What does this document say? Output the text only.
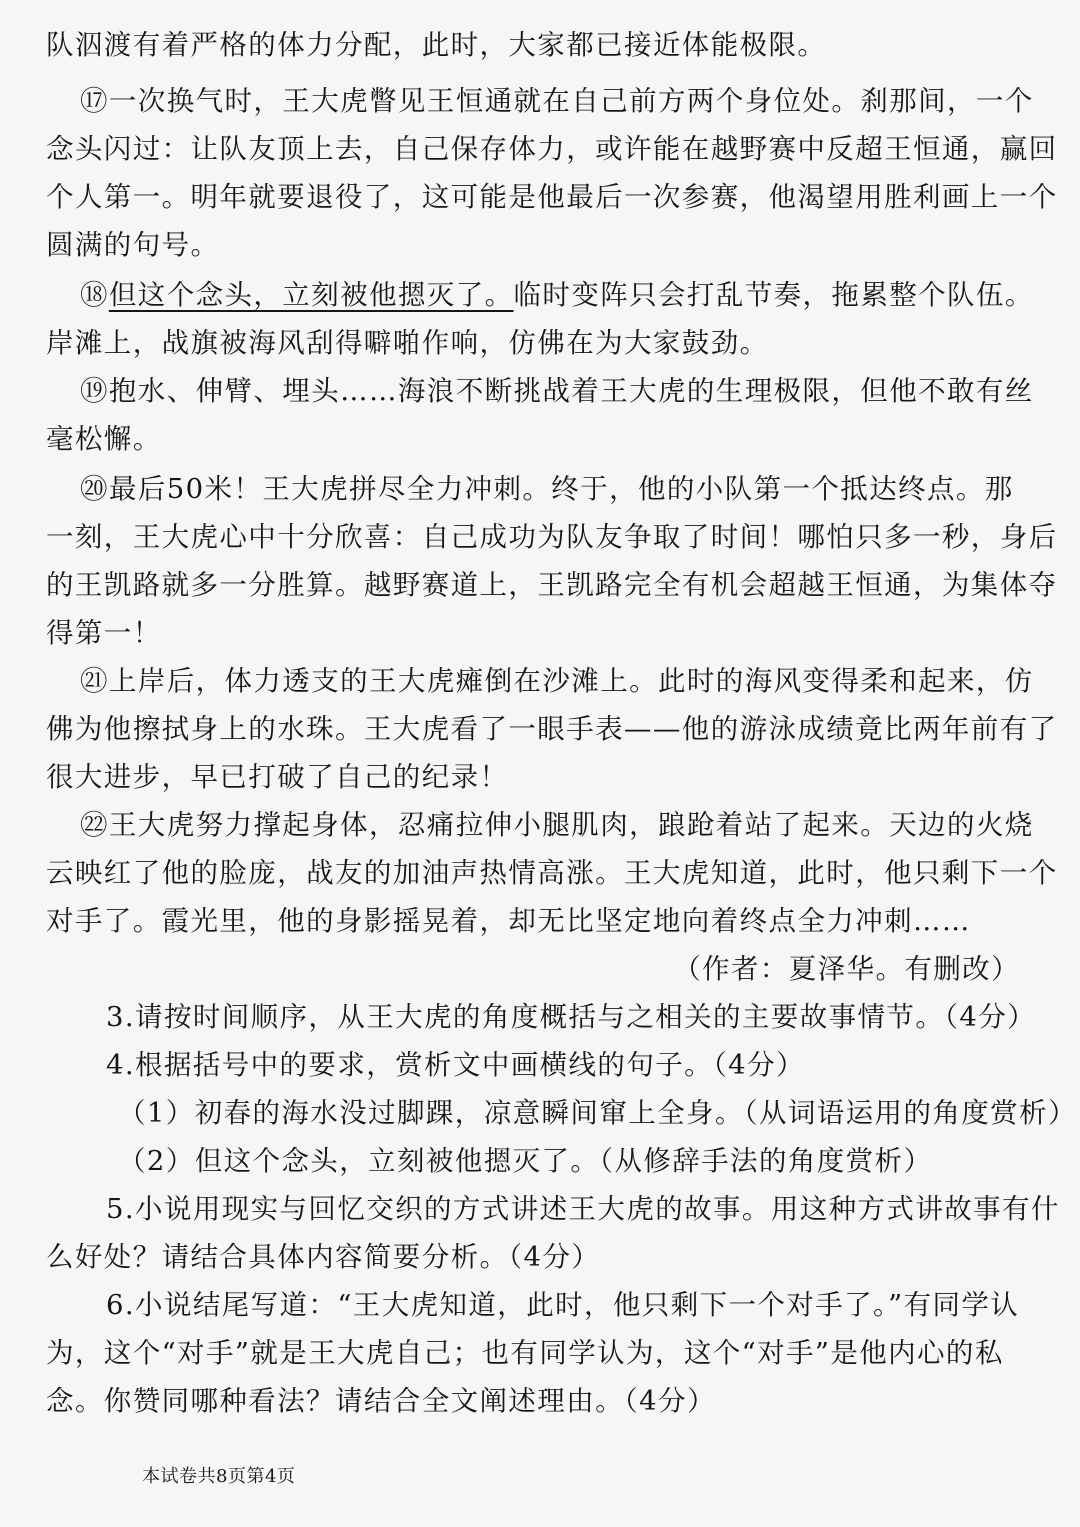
队泅渡有着严格的体力分配，此时，大家都已接近体能极限。
⑰一次换气时，王大虎瞥见王恒通就在自己前方两个身位处。刹那间，一个
念头闪过：让队友顶上去，自己保存体力，或许能在越野赛中反超王恒通，赢回
个人第一。明年就要退役了，这可能是他最后一次参赛，他渴望用胜利画上一个
圆满的句号。
⑱但这个念头，立刻被他摁灭了。临时变阵只会打乱节奏，拖累整个队伍。
岸滩上，战旗被海风刮得噼啪作响，仿佛在为大家鼓劲。
⑲抱水、伸臂、埋头……海浪不断挑战着王大虎的生理极限，但他不敢有丝
毫松懈。
⑳最后50米！王大虎拼尽全力冲刺。终于，他的小队第一个抵达终点。那
一刻，王大虎心中十分欣喜：自己成功为队友争取了时间！哪怕只多一秒，身后
的王凯路就多一分胜算。越野赛道上，王凯路完全有机会超越王恒通，为集体夺
得第一！
㉑上岸后，体力透支的王大虎瘫倒在沙滩上。此时的海风变得柔和起来，仿
佛为他擦拭身上的水珠。王大虎看了一眼手表——他的游泳成绩竟比两年前有了
很大进步，早已打破了自己的纪录！
㉒王大虎努力撑起身体，忍痛拉伸小腿肌肉，踉跄着站了起来。天边的火烧
云映红了他的脸庞，战友的加油声热情高涨。王大虎知道，此时，他只剩下一个
对手了。霞光里，他的身影摇晃着，却无比坚定地向着终点全力冲刺……
（作者：夏泽华。有删改）
3.请按时间顺序，从王大虎的角度概括与之相关的主要故事情节。（4分）
4.根据括号中的要求，赏析文中画横线的句子。（4分）
（1）初春的海水没过脚踝，凉意瞬间窜上全身。（从词语运用的角度赏析）
（2）但这个念头，立刻被他摁灭了。（从修辞手法的角度赏析）
5.小说用现实与回忆交织的方式讲述王大虎的故事。用这种方式讲故事有什
么好处？请结合具体内容简要分析。（4分）
6.小说结尾写道：“王大虎知道，此时，他只剩下一个对手了。”有同学认
为，这个“对手”就是王大虎自己；也有同学认为，这个“对手”是他内心的私
念。你赞同哪种看法？请结合全文阐述理由。（4分）
本试卷共8页第4页
